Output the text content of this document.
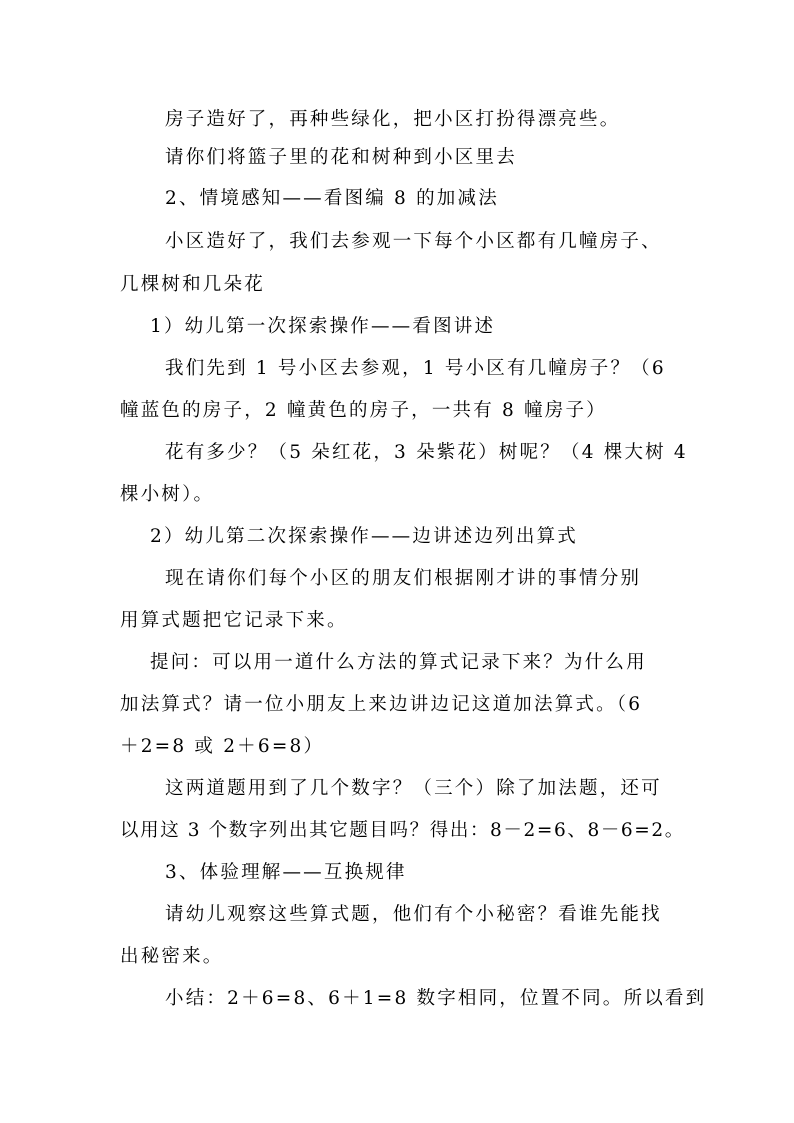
房子造好了，再种些绿化，把小区打扮得漂亮些。
请你们将篮子里的花和树种到小区里去
2、情境感知——看图编 8 的加减法
小区造好了，我们去参观一下每个小区都有几幢房子、
几棵树和几朵花
1）幼儿第一次探索操作——看图讲述
我们先到 1 号小区去参观，1 号小区有几幢房子？（6
幢蓝色的房子，2 幢黄色的房子，一共有 8 幢房子）
花有多少？（5 朵红花，3 朵紫花）树呢？（4 棵大树 4
棵小树）。
2）幼儿第二次探索操作——边讲述边列出算式
现在请你们每个小区的朋友们根据刚才讲的事情分别
用算式题把它记录下来。
提问：可以用一道什么方法的算式记录下来？为什么用
加法算式？请一位小朋友上来边讲边记这道加法算式。（6
＋2=8 或 2＋6=8）
这两道题用到了几个数字？（三个）除了加法题，还可
以用这 3 个数字列出其它题目吗？得出：8－2=6、8－6=2。
3、体验理解——互换规律
请幼儿观察这些算式题，他们有个小秘密？看谁先能找
出秘密来。
小结：2＋6=8、6＋1=8 数字相同，位置不同。所以看到
